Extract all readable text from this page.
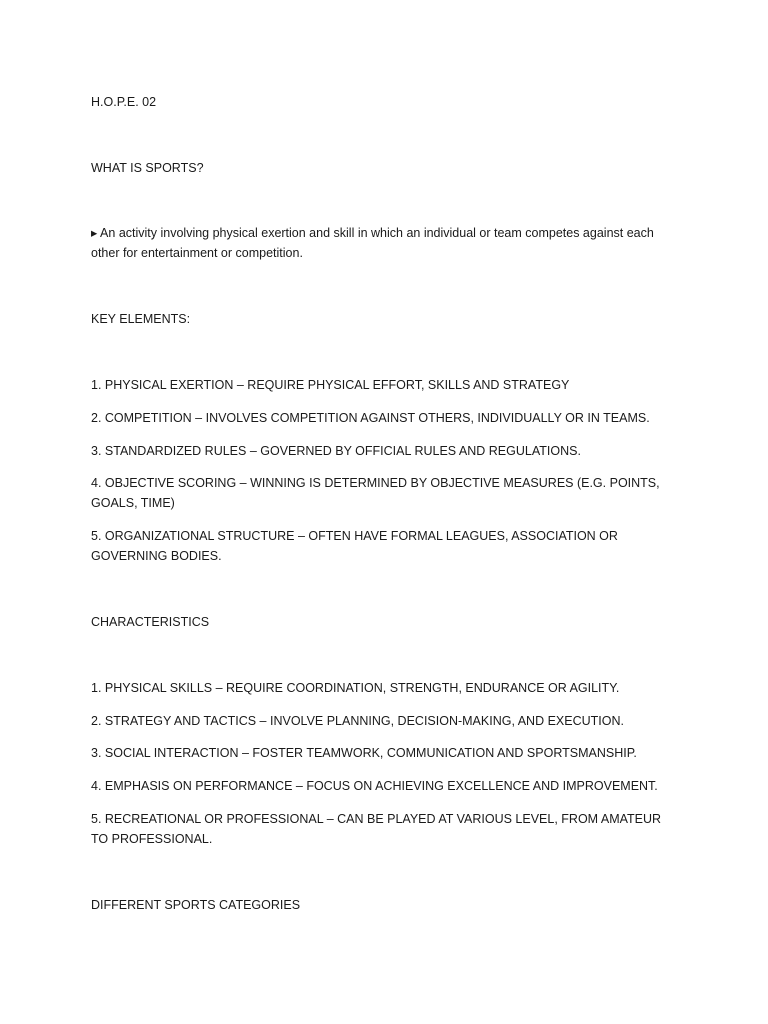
H.O.P.E. 02

WHAT IS SPORTS?

▸ An activity involving physical exertion and skill in which an individual or team competes against each other for entertainment or competition.

KEY ELEMENTS:

1. PHYSICAL EXERTION – REQUIRE PHYSICAL EFFORT, SKILLS AND STRATEGY

2. COMPETITION – INVOLVES COMPETITION AGAINST OTHERS, INDIVIDUALLY OR IN TEAMS.

3. STANDARDIZED RULES – GOVERNED BY OFFICIAL RULES AND REGULATIONS.

4. OBJECTIVE SCORING – WINNING IS DETERMINED BY OBJECTIVE MEASURES (E.G. POINTS, GOALS, TIME)

5. ORGANIZATIONAL STRUCTURE – OFTEN HAVE FORMAL LEAGUES, ASSOCIATION OR GOVERNING BODIES.

CHARACTERISTICS

1. PHYSICAL SKILLS – REQUIRE COORDINATION, STRENGTH, ENDURANCE OR AGILITY.

2. STRATEGY AND TACTICS – INVOLVE PLANNING, DECISION-MAKING, AND EXECUTION.

3. SOCIAL INTERACTION – FOSTER TEAMWORK, COMMUNICATION AND SPORTSMANSHIP.

4. EMPHASIS ON PERFORMANCE – FOCUS ON ACHIEVING EXCELLENCE AND IMPROVEMENT.

5. RECREATIONAL OR PROFESSIONAL – CAN BE PLAYED AT VARIOUS LEVEL, FROM AMATEUR TO PROFESSIONAL.

DIFFERENT SPORTS CATEGORIES
